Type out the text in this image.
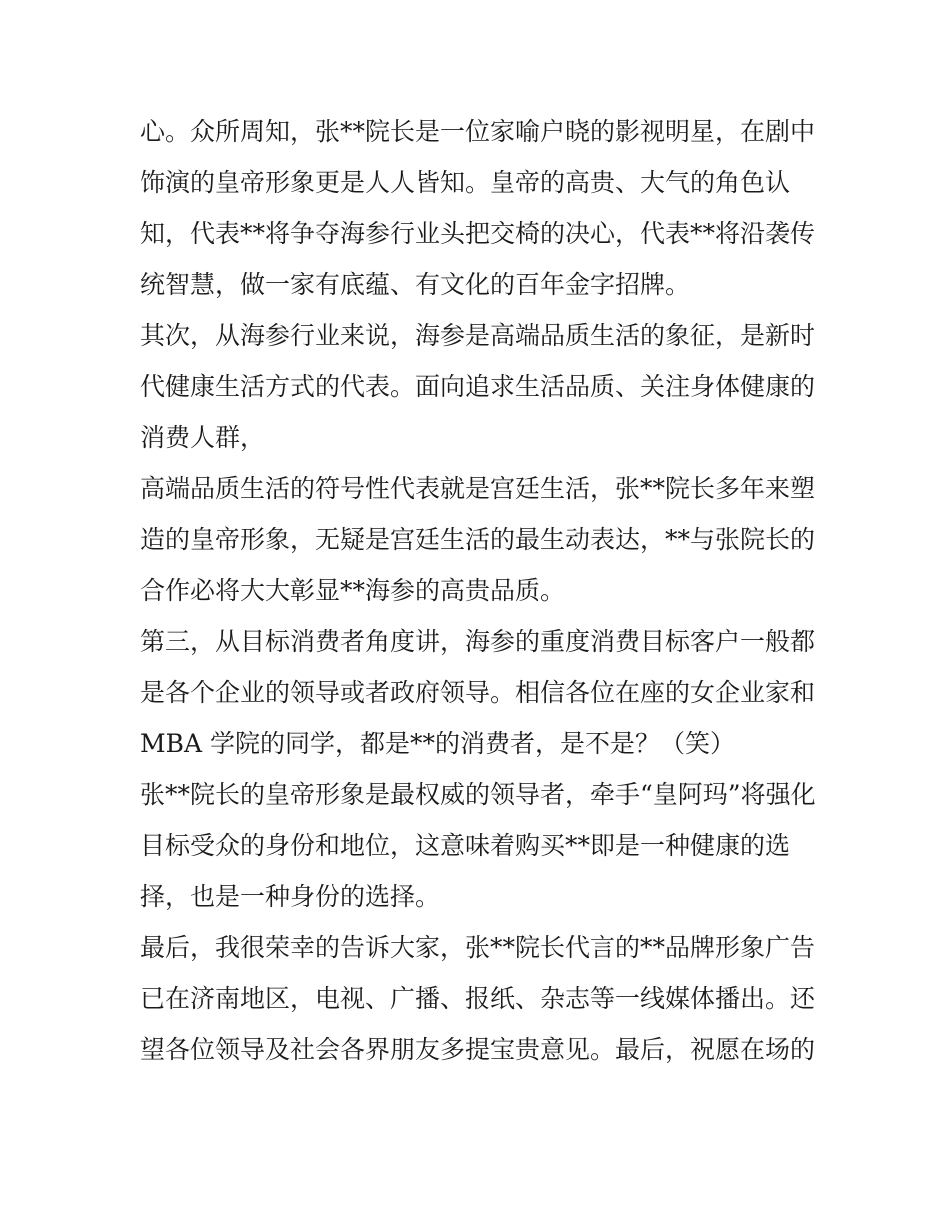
心。众所周知，张**院长是一位家喻户晓的影视明星，在剧中
饰演的皇帝形象更是人人皆知。皇帝的高贵、大气的角色认
知，代表**将争夺海参行业头把交椅的决心，代表**将沿袭传
统智慧，做一家有底蕴、有文化的百年金字招牌。
其次，从海参行业来说，海参是高端品质生活的象征，是新时
代健康生活方式的代表。面向追求生活品质、关注身体健康的
消费人群，
高端品质生活的符号性代表就是宫廷生活，张**院长多年来塑
造的皇帝形象，无疑是宫廷生活的最生动表达，**与张院长的
合作必将大大彰显**海参的高贵品质。
第三，从目标消费者角度讲，海参的重度消费目标客户一般都
是各个企业的领导或者政府领导。相信各位在座的女企业家和
MBA 学院的同学，都是**的消费者，是不是？（笑）
张**院长的皇帝形象是最权威的领导者，牵手“皇阿玛”将强化
目标受众的身份和地位，这意味着购买**即是一种健康的选
择，也是一种身份的选择。
最后，我很荣幸的告诉大家，张**院长代言的**品牌形象广告
已在济南地区，电视、广播、报纸、杂志等一线媒体播出。还
望各位领导及社会各界朋友多提宝贵意见。最后，祝愿在场的
